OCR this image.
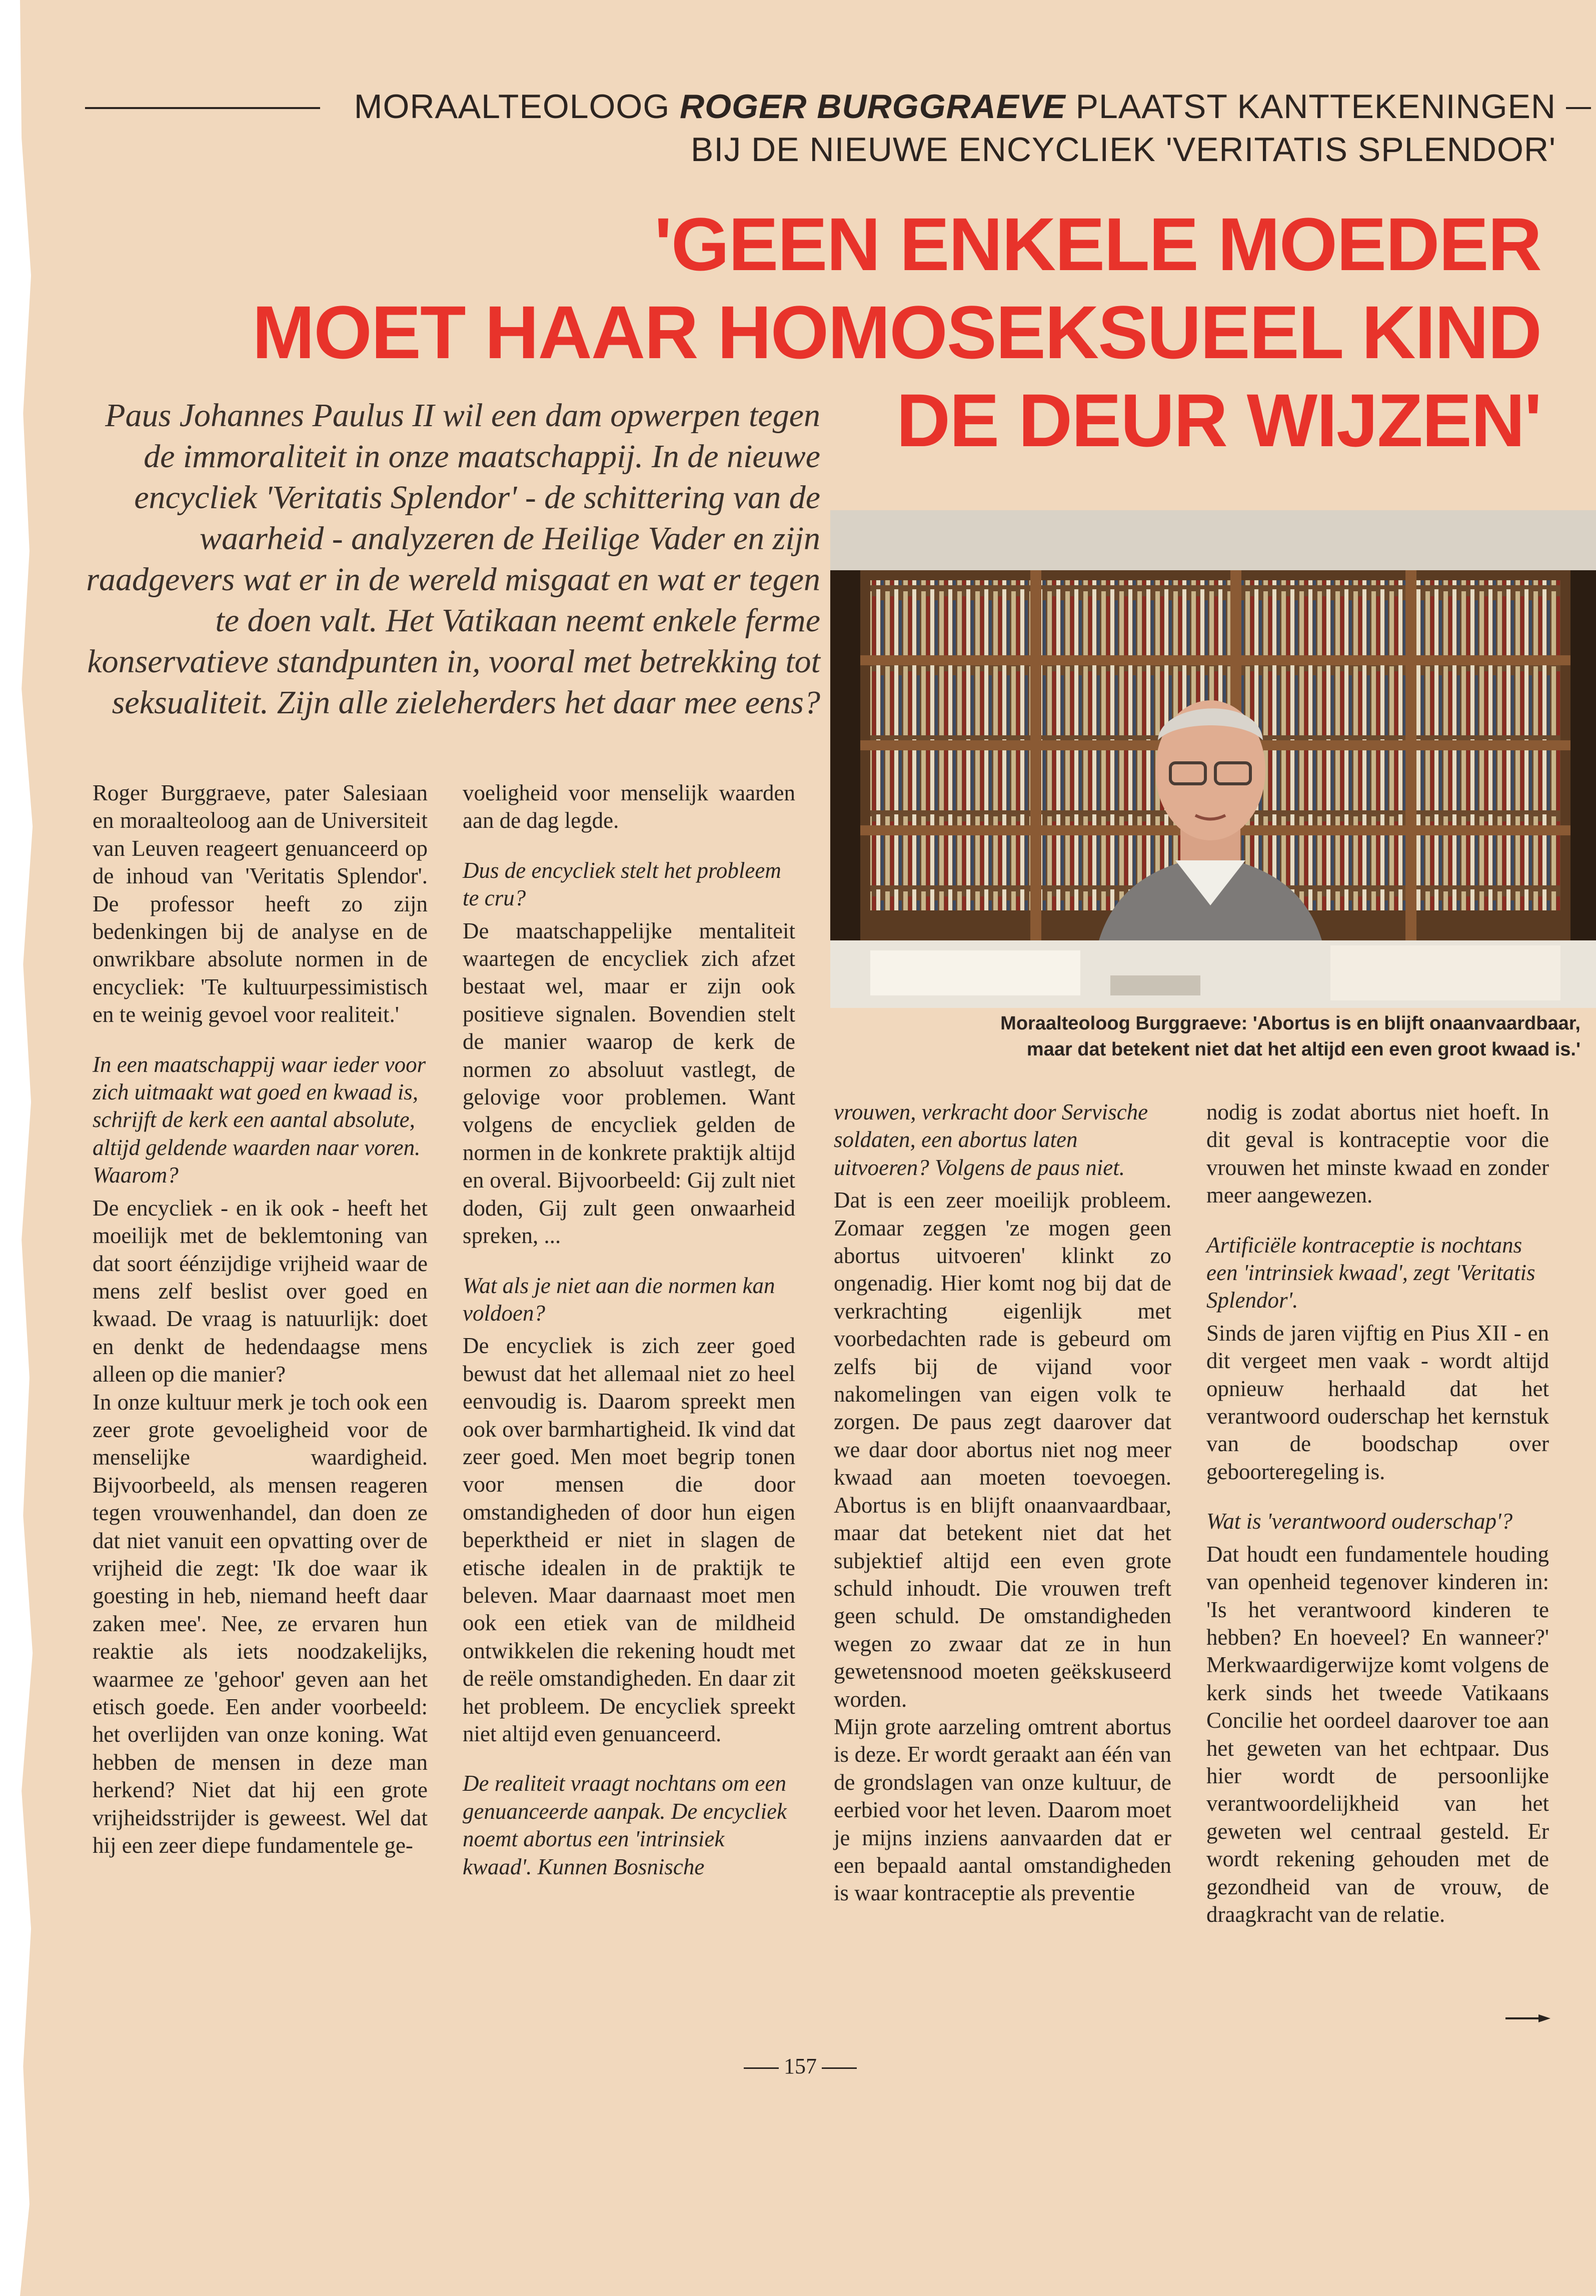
MORAALTEOLOOG ROGER BURGGRAEVE PLAATST KANTTEKENINGEN
BIJ DE NIEUWE ENCYCLIEK 'VERITATIS SPLENDOR'
'GEEN ENKELE MOEDER
MOET HAAR HOMOSEKSUEEL KIND
DE DEUR WIJZEN'
Paus Johannes Paulus II wil een dam opwerpen tegen de immoraliteit in onze maatschappij. In de nieuwe encycliek 'Veritatis Splendor' - de schittering van de waarheid - analyzeren de Heilige Vader en zijn raadgevers wat er in de wereld misgaat en wat er tegen te doen valt. Het Vatikaan neemt enkele ferme konservatieve standpunten in, vooral met betrekking tot seksualiteit. Zijn alle zieleherders het daar mee eens?
Moraalteoloog Burggraeve: 'Abortus is en blijft onaanvaardbaar,
maar dat betekent niet dat het altijd een even groot kwaad is.'

Roger Burggraeve, pater Salesiaan en moraalteoloog aan de Universiteit van Leuven reageert genuanceerd op de inhoud van 'Veritatis Splendor'. De professor heeft zo zijn bedenkingen bij de analyse en de onwrikbare absolute normen in de encycliek: 'Te kultuurpessimistisch en te weinig gevoel voor realiteit.'

In een maatschappij waar ieder voor zich uitmaakt wat goed en kwaad is, schrijft de kerk een aantal absolute, altijd geldende waarden naar voren. Waarom?

De encycliek - en ik ook - heeft het moeilijk met de beklemtoning van dat soort éénzijdige vrijheid waar de mens zelf beslist over goed en kwaad. De vraag is natuurlijk: doet en denkt de hedendaagse mens alleen op die manier?

In onze kultuur merk je toch ook een zeer grote gevoeligheid voor de menselijke waardigheid. Bijvoorbeeld, als mensen reageren tegen vrouwenhandel, dan doen ze dat niet vanuit een opvatting over de vrijheid die zegt: 'Ik doe waar ik goesting in heb, niemand heeft daar zaken mee'. Nee, ze ervaren hun reaktie als iets noodzakelijks, waarmee ze 'gehoor' geven aan het etisch goede. Een ander voorbeeld: het overlijden van onze koning. Wat hebben de mensen in deze man herkend? Niet dat hij een grote vrijheidsstrijder is geweest. Wel dat hij een zeer diepe fundamentele ge-

voeligheid voor menselijk waarden aan de dag legde.

Dus de encycliek stelt het probleem te cru?

De maatschappelijke mentaliteit waartegen de encycliek zich afzet bestaat wel, maar er zijn ook positieve signalen. Bovendien stelt de manier waarop de kerk de normen zo absoluut vastlegt, de gelovige voor problemen. Want volgens de encycliek gelden de normen in de konkrete praktijk altijd en overal. Bijvoorbeeld: Gij zult niet doden, Gij zult geen onwaarheid spreken, ...

Wat als je niet aan die normen kan voldoen?

De encycliek is zich zeer goed bewust dat het allemaal niet zo heel eenvoudig is. Daarom spreekt men ook over barmhartigheid. Ik vind dat zeer goed. Men moet begrip tonen voor mensen die door omstandigheden of door hun eigen beperktheid er niet in slagen de etische idealen in de praktijk te beleven. Maar daarnaast moet men ook een etiek van de mildheid ontwikkelen die rekening houdt met de reële omstandigheden. En daar zit het probleem. De encycliek spreekt niet altijd even genuanceerd.

De realiteit vraagt nochtans om een genuanceerde aanpak. De encycliek noemt abortus een 'intrinsiek kwaad'. Kunnen Bosnische

vrouwen, verkracht door Servische soldaten, een abortus laten uitvoeren? Volgens de paus niet.

Dat is een zeer moeilijk probleem. Zomaar zeggen 'ze mogen geen abortus uitvoeren' klinkt zo ongenadig. Hier komt nog bij dat de verkrachting eigenlijk met voorbedachten rade is gebeurd om zelfs bij de vijand voor nakomelingen van eigen volk te zorgen. De paus zegt daarover dat we daar door abortus niet nog meer kwaad aan moeten toevoegen. Abortus is en blijft onaanvaardbaar, maar dat betekent niet dat het subjektief altijd een even grote schuld inhoudt. Die vrouwen treft geen schuld. De omstandigheden wegen zo zwaar dat ze in hun gewetensnood moeten geëkskuseerd worden.

Mijn grote aarzeling omtrent abortus is deze. Er wordt geraakt aan één van de grondslagen van onze kultuur, de eerbied voor het leven. Daarom moet je mijns inziens aanvaarden dat er een bepaald aantal omstandigheden is waar kontraceptie als preventie

nodig is zodat abortus niet hoeft. In dit geval is kontraceptie voor die vrouwen het minste kwaad en zonder meer aangewezen.

Artificiële kontraceptie is nochtans een 'intrinsiek kwaad', zegt 'Veritatis Splendor'.

Sinds de jaren vijftig en Pius XII - en dit vergeet men vaak - wordt altijd opnieuw herhaald dat het verantwoord ouderschap het kernstuk van de boodschap over geboorteregeling is.

Wat is 'verantwoord ouderschap'?

Dat houdt een fundamentele houding van openheid tegenover kinderen in: 'Is het verantwoord kinderen te hebben? En hoeveel? En wanneer?' Merkwaardigerwijze komt volgens de kerk sinds het tweede Vatikaans Concilie het oordeel daarover toe aan het geweten van het echtpaar. Dus hier wordt de persoonlijke verantwoordelijkheid van het geweten wel centraal gesteld. Er wordt rekening gehouden met de gezondheid van de vrouw, de draagkracht van de relatie.

157
